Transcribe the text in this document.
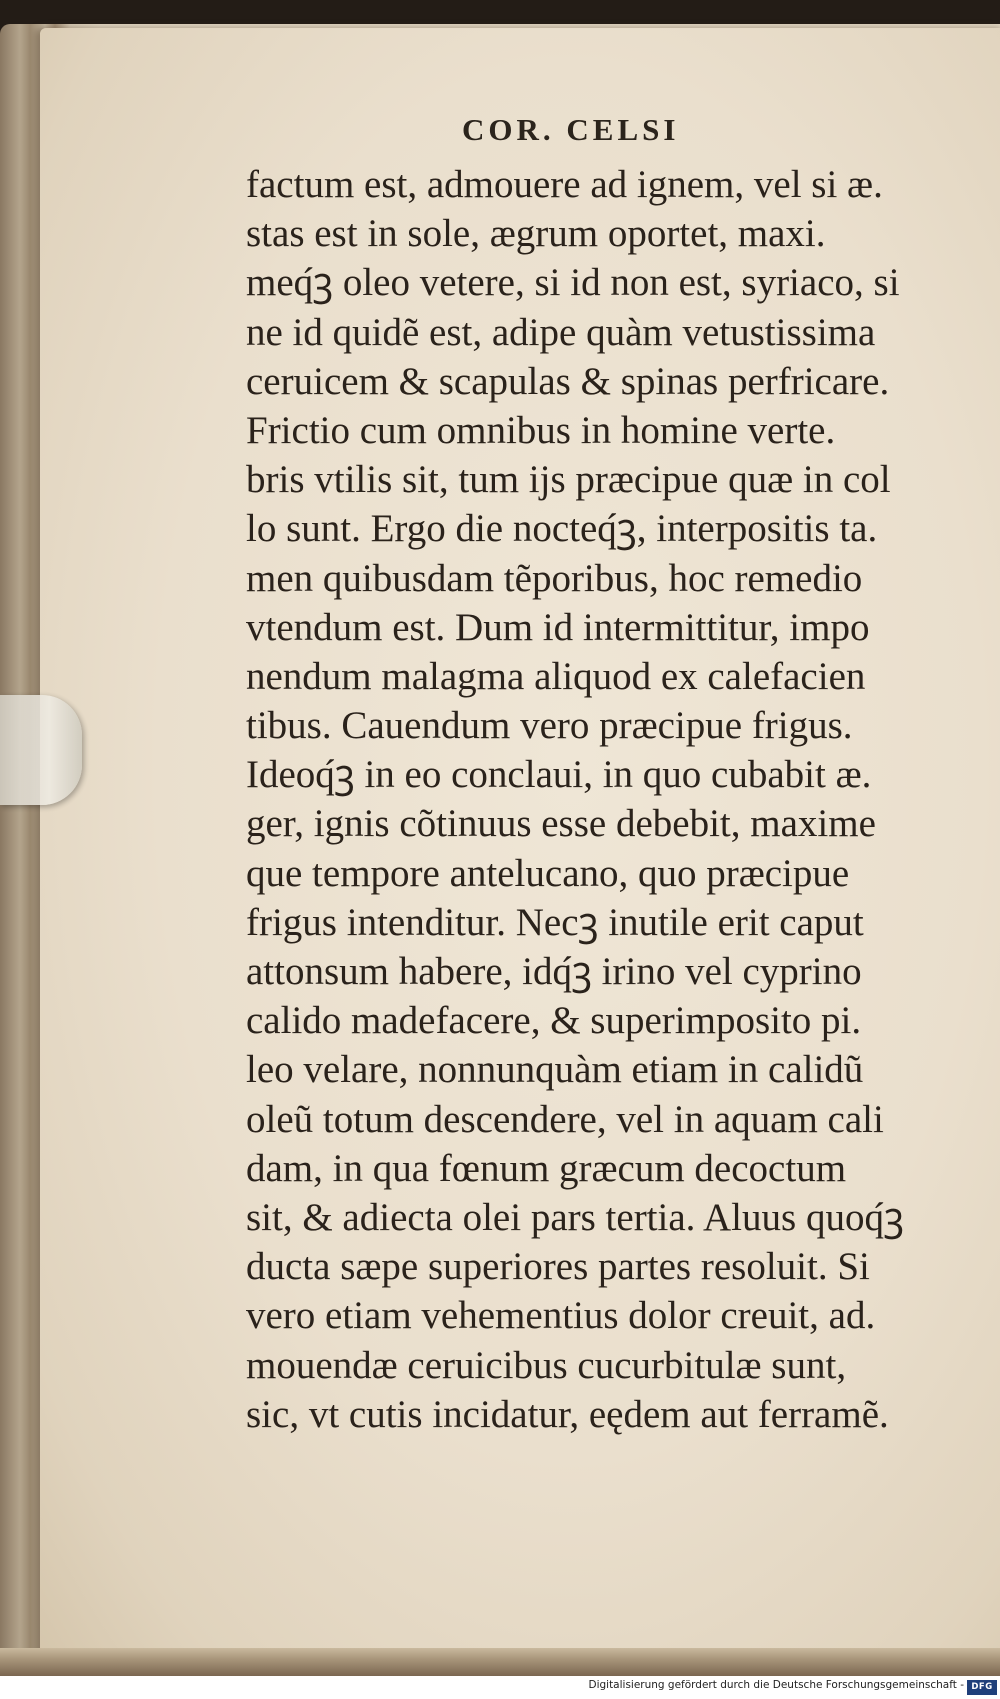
COR. CELSI
factum est, admouere ad ignem, vel si æ.
stas est in sole, ægrum oportet, maxi.
meq́ꝫ oleo vetere, si id non est, syriaco, si
ne id quidẽ est, adipe quàm vetustissima
ceruicem & scapulas & spinas perfricare.
Frictio cum omnibus in homine verte.
bris vtilis sit, tum ijs præcipue quæ in col
lo sunt. Ergo die nocteq́ꝫ, interpositis ta.
men quibusdam tẽporibus, hoc remedio
vtendum est. Dum id intermittitur, impo
nendum malagma aliquod ex calefacien
tibus. Cauendum vero præcipue frigus.
Ideoq́ꝫ in eo conclaui, in quo cubabit æ.
ger, ignis cõtinuus esse debebit, maxime
que tempore antelucano, quo præcipue
frigus intenditur. Necꝫ inutile erit caput
attonsum habere, idq́ꝫ irino vel cyprino
calido madefacere, & superimposito pi.
leo velare, nonnunquàm etiam in calidũ
oleũ totum descendere, vel in aquam cali
dam, in qua fœnum græcum decoctum
sit, & adiecta olei pars tertia. Aluus quoq́ꝫ
ducta sæpe superiores partes resoluit. Si
vero etiam vehementius dolor creuit, ad.
mouendæ ceruicibus cucurbitulæ sunt,
sic, vt cutis incidatur, eędem aut ferramẽ.
Digitalisierung gefördert durch die Deutsche Forschungsgemeinschaft - DFG
